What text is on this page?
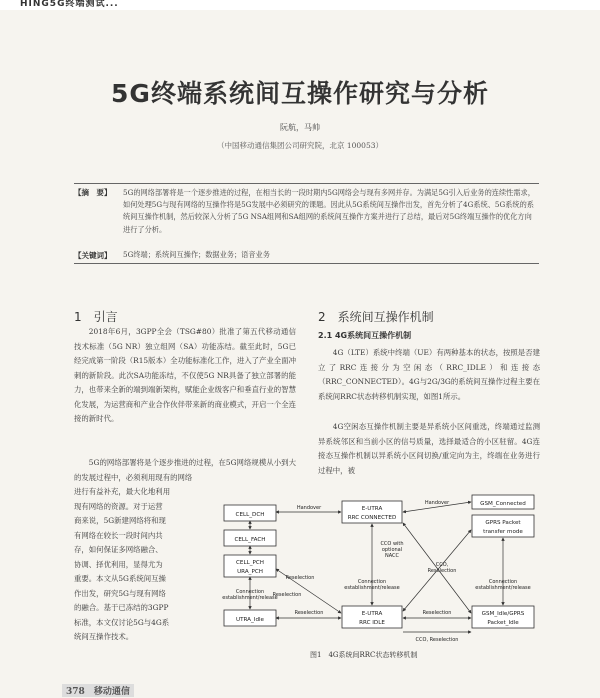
HING5G终端测试...
5G终端系统间互操作研究与分析
阮航，马帅
（中国移动通信集团公司研究院，北京 100053）
【摘　要】 5G的网络部署将是一个逐步推进的过程，在相当长的一段时期内5G网络会与现有多网并存。为满足5G引入后业务的连续性需求，如何处理5G与现有网络的互操作将是5G发展中必须研究的课题。因此从5G系统间互操作出发，首先分析了4G系统、5G系统的系统间互操作机制，然后较深入分析了5G NSA组网和SA组网的系统间互操作方案并进行了总结，最后对5G终端互操作的优化方向进行了分析。
【关键词】 5G终端；系统间互操作；数据业务；语音业务
1　引言

2018年6月，3GPP全会（TSG#80）批准了第五代移动通信技术标准（5G NR）独立组网（SA）功能冻结。截至此时，5G已经完成第一阶段（R15版本）全功能标准化工作，进入了产业全面冲刺的新阶段。此次SA功能冻结，不仅使5G NR具备了独立部署的能力，也带来全新的端到端新架构，赋能企业级客户和垂直行业的智慧化发展，为运营商和产业合作伙伴带来新的商业模式，开启一个全连接的新时代。

5G的网络部署将是个逐步推进的过程，在5G网络规模从小到大的发展过程中，必须利用现有的网络

进行有益补充，最大化地利用

现有网络的资源。对于运营

商来说，5G新建网络将和现

有网络在较长一段时间内共

存，如何保证多网络融合、

协调、择优利用，显得尤为

重要。本文从5G系统间互操

作出发，研究5G与现有网络

的融合。基于已冻结的3GPP

标准，本文仅讨论5G与4G系

统间互操作技术。

2　系统间互操作机制
2.1 4G系统间互操作机制

4G（LTE）系统中终端（UE）有两种基本的状态，按照是否建立了RRC连接分为空闲态（RRC_IDLE）和连接态（RRC_CONNECTED）。4G与2G/3G的系统间互操作过程主要在系统间RRC状态转移机制实现，如图1所示。

4G空闲态互操作机制主要是异系统小区间重选，终端通过监测异系统邻区和当前小区的信号质量，选择最适合的小区驻留。4G连接态互操作机制以异系统小区间切换/重定向为主，终端在业务进行过程中，被

CELL_DCH
CELL_FACH
CELL_PCH
URA_PCH
UTRA_Idle
E-UTRA
RRC CONNECTED
E-UTRA
RRC IDLE
GSM_Connected
GPRS Packet
transfer mode
GSM_Idle/GPRS
Packet_Idle
Handover
Handover
Reselection
Reselection
Reselection	Reselection
CCO,
Reselection
Connection
establishment/release
Connection
establishment/release
Connection
establishment/release
CCO with
optional
NACC
CCO, Reselection
图1　4G系统间RRC状态转移机制
378　 移动通信
